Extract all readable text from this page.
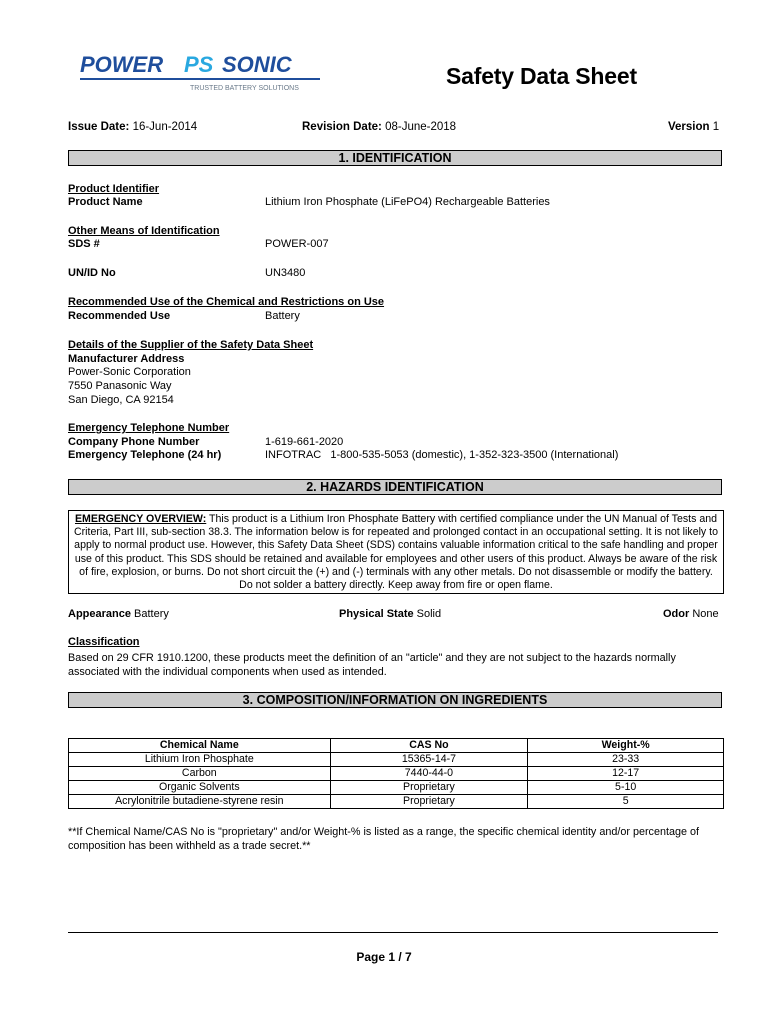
POWER PS SONIC
TRUSTED BATTERY SOLUTIONS	Safety Data Sheet
Issue Date: 16-Jun-2014	Revision Date: 08-June-2018	Version 1
1. IDENTIFICATION
Product Identifier
Product Name	Lithium Iron Phosphate (LiFePO4) Rechargeable Batteries
Other Means of Identification
SDS #	POWER-007
UN/ID No	UN3480
Recommended Use of the Chemical and Restrictions on Use
Recommended Use	Battery
Details of the Supplier of the Safety Data Sheet
Manufacturer Address
Power-Sonic Corporation
7550 Panasonic Way
San Diego, CA 92154
Emergency Telephone Number
Company Phone Number	1-619-661-2020
Emergency Telephone (24 hr)	INFOTRAC   1-800-535-5053 (domestic), 1-352-323-3500 (International)
2. HAZARDS IDENTIFICATION
EMERGENCY OVERVIEW: This product is a Lithium Iron Phosphate Battery with certified compliance under the UN Manual of Tests and Criteria, Part III, sub-section 38.3. The information below is for repeated and prolonged contact in an occupational setting. It is not likely to apply to normal product use. However, this Safety Data Sheet (SDS) contains valuable information critical to the safe handling and proper use of this product. This SDS should be retained and available for employees and other users of this product. Always be aware of the risk of fire, explosion, or burns. Do not short circuit the (+) and (-) terminals with any other metals. Do not disassemble or modify the battery. Do not solder a battery directly. Keep away from fire or open flame.
Appearance Battery	Physical State Solid	Odor None
Classification
Based on 29 CFR 1910.1200, these products meet the definition of an "article" and they are not subject to the hazards normally associated with the individual components when used as intended.
3. COMPOSITION/INFORMATION ON INGREDIENTS
Chemical Name	CAS No	Weight-%
Lithium Iron Phosphate	15365-14-7	23-33
Carbon	7440-44-0	12-17
Organic Solvents	Proprietary	5-10
Acrylonitrile butadiene-styrene resin	Proprietary	5
**If Chemical Name/CAS No is "proprietary" and/or Weight-% is listed as a range, the specific chemical identity and/or percentage of composition has been withheld as a trade secret.**
Page 1 / 7
